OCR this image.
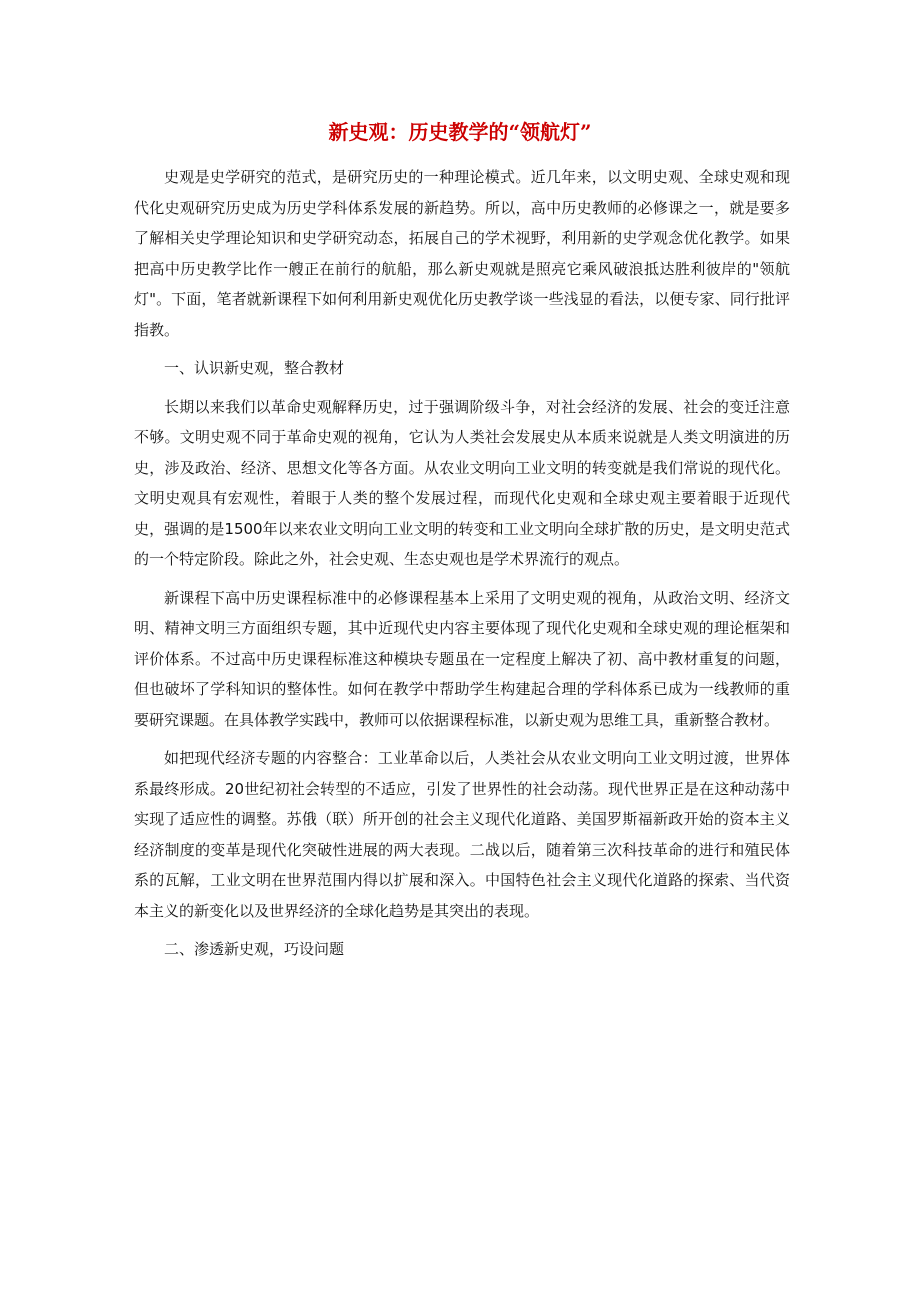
新史观：历史教学的“领航灯”

史观是史学研究的范式，是研究历史的一种理论模式。近几年来，以文明史观、全球史观和现代化史观研究历史成为历史学科体系发展的新趋势。所以，高中历史教师的必修课之一，就是要多了解相关史学理论知识和史学研究动态，拓展自己的学术视野，利用新的史学观念优化教学。如果把高中历史教学比作一艘正在前行的航船，那么新史观就是照亮它乘风破浪抵达胜利彼岸的"领航灯"。下面，笔者就新课程下如何利用新史观优化历史教学谈一些浅显的看法，以便专家、同行批评指教。

一、认识新史观，整合教材

长期以来我们以革命史观解释历史，过于强调阶级斗争，对社会经济的发展、社会的变迁注意不够。文明史观不同于革命史观的视角，它认为人类社会发展史从本质来说就是人类文明演进的历史，涉及政治、经济、思想文化等各方面。从农业文明向工业文明的转变就是我们常说的现代化。文明史观具有宏观性，着眼于人类的整个发展过程，而现代化史观和全球史观主要着眼于近现代史，强调的是1500年以来农业文明向工业文明的转变和工业文明向全球扩散的历史，是文明史范式的一个特定阶段。除此之外，社会史观、生态史观也是学术界流行的观点。

新课程下高中历史课程标准中的必修课程基本上采用了文明史观的视角，从政治文明、经济文明、精神文明三方面组织专题，其中近现代史内容主要体现了现代化史观和全球史观的理论框架和评价体系。不过高中历史课程标准这种模块专题虽在一定程度上解决了初、高中教材重复的问题，但也破坏了学科知识的整体性。如何在教学中帮助学生构建起合理的学科体系已成为一线教师的重要研究课题。在具体教学实践中，教师可以依据课程标准，以新史观为思维工具，重新整合教材。

如把现代经济专题的内容整合：工业革命以后，人类社会从农业文明向工业文明过渡，世界体系最终形成。20世纪初社会转型的不适应，引发了世界性的社会动荡。现代世界正是在这种动荡中实现了适应性的调整。苏俄（联）所开创的社会主义现代化道路、美国罗斯福新政开始的资本主义经济制度的变革是现代化突破性进展的两大表现。二战以后，随着第三次科技革命的进行和殖民体系的瓦解，工业文明在世界范围内得以扩展和深入。中国特色社会主义现代化道路的探索、当代资本主义的新变化以及世界经济的全球化趋势是其突出的表现。

二、渗透新史观，巧设问题
